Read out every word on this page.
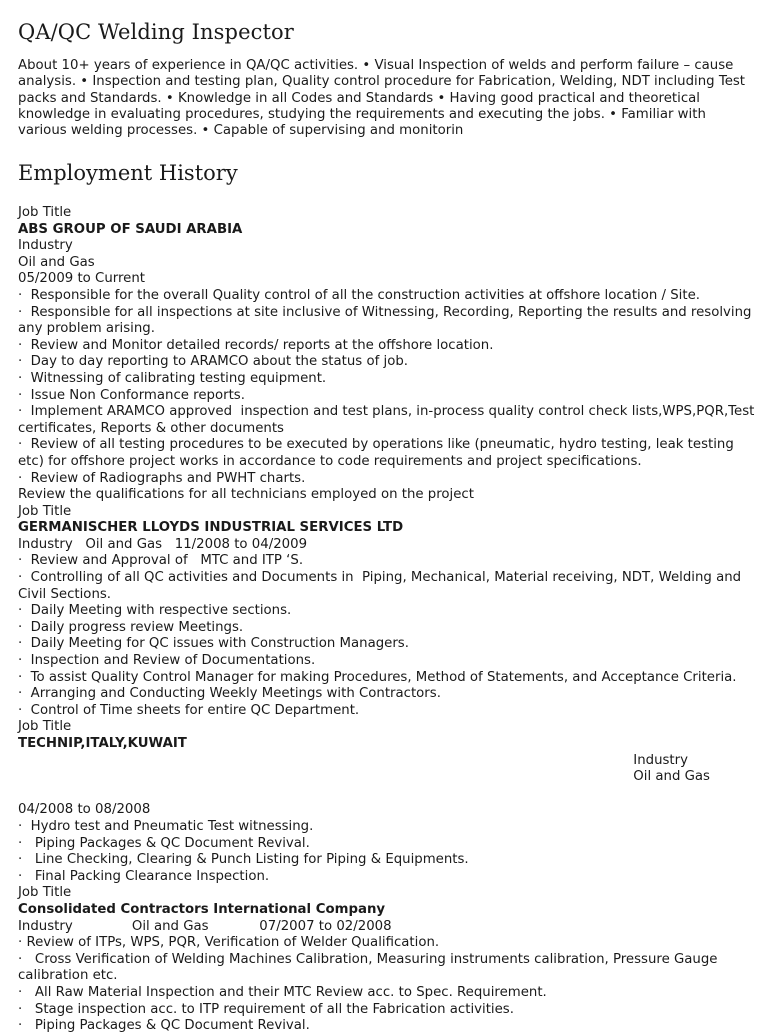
QA/QC Welding Inspector

About 10+ years of experience in QA/QC activities. • Visual Inspection of welds and perform failure – cause analysis. • Inspection and testing plan, Quality control procedure for Fabrication, Welding, NDT including Test packs and Standards. • Knowledge in all Codes and Standards • Having good practical and theoretical knowledge in evaluating procedures, studying the requirements and executing the jobs. • Familiar with various welding processes. • Capable of supervising and monitorin

Employment History
Job Title
ABS GROUP OF SAUDI ARABIA
Industry
Oil and Gas
05/2009 to Current
·  Responsible for the overall Quality control of all the construction activities at offshore location / Site.
·  Responsible for all inspections at site inclusive of Witnessing, Recording, Reporting the results and resolving any problem arising.
·  Review and Monitor detailed records/ reports at the offshore location.
·  Day to day reporting to ARAMCO about the status of job.
·  Witnessing of calibrating testing equipment.
·  Issue Non Conformance reports.
·  Implement ARAMCO approved  inspection and test plans, in-process quality control check lists,WPS,PQR,Test certificates, Reports & other documents
·  Review of all testing procedures to be executed by operations like (pneumatic, hydro testing, leak testing etc) for offshore project works in accordance to code requirements and project specifications.
·  Review of Radiographs and PWHT charts.
Review the qualifications for all technicians employed on the project
Job Title
GERMANISCHER LLOYDS INDUSTRIAL SERVICES LTD
Industry   Oil and Gas   11/2008 to 04/2009
·  Review and Approval of   MTC and ITP ‘S.
·  Controlling of all QC activities and Documents in  Piping, Mechanical, Material receiving, NDT, Welding and Civil Sections.
·  Daily Meeting with respective sections.
·  Daily progress review Meetings.
·  Daily Meeting for QC issues with Construction Managers.
·  Inspection and Review of Documentations.
·  To assist Quality Control Manager for making Procedures, Method of Statements, and Acceptance Criteria.
·  Arranging and Conducting Weekly Meetings with Contractors.
·  Control of Time sheets for entire QC Department.
Job Title
TECHNIP,ITALY,KUWAIT

Industry
Oil and Gas

04/2008 to 08/2008
·  Hydro test and Pneumatic Test witnessing.
·   Piping Packages & QC Document Revival.
·   Line Checking, Clearing & Punch Listing for Piping & Equipments.
·   Final Packing Clearance Inspection.
Job Title
Consolidated Contractors International Company
Industry              Oil and Gas            07/2007 to 02/2008
· Review of ITPs, WPS, PQR, Verification of Welder Qualification.
·   Cross Verification of Welding Machines Calibration, Measuring instruments calibration, Pressure Gauge calibration etc.
·   All Raw Material Inspection and their MTC Review acc. to Spec. Requirement.
·   Stage inspection acc. to ITP requirement of all the Fabrication activities.
·   Piping Packages & QC Document Revival.
